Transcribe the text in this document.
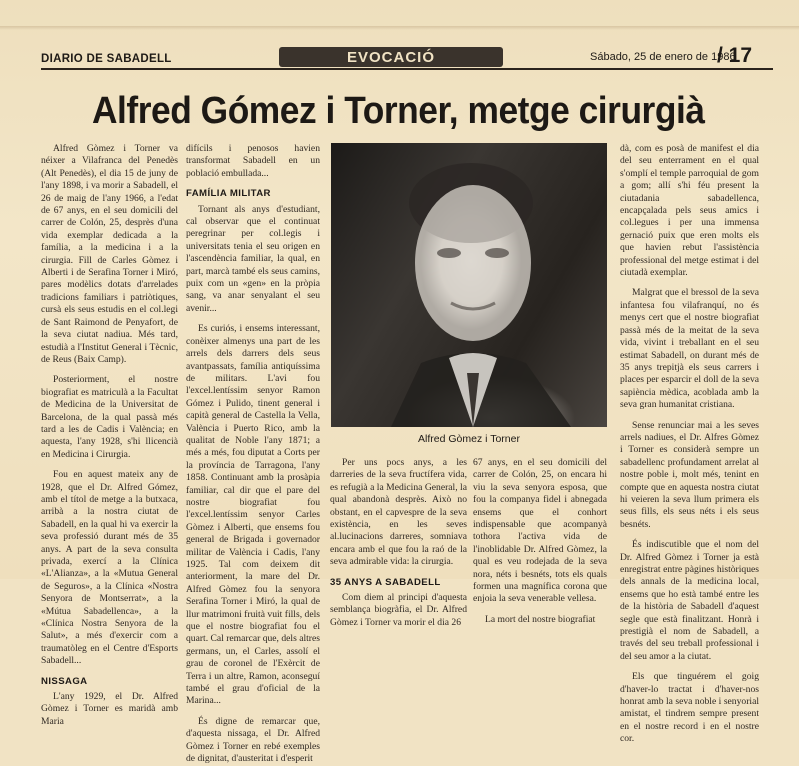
DIARIO DE SABADELL	EVOCACIÓ	Sábado, 25 de enero de 1986
/ 17
Alfred Gómez i Torner, metge cirurgià

Alfred Gòmez i Torner va néixer a Vilafranca del Penedès (Alt Penedès), el dia 15 de juny de l'any 1898, i va morir a Sabadell, el 26 de maig de l'any 1966, a l'edat de 67 anys, en el seu domicili del carrer de Colón, 25, desprès d'una vida exemplar dedicada a la família, a la medicina i a la cirurgia. Fill de Carles Gòmez i Alberti i de Serafina Torner i Miró, pares modèlics dotats d'arrelades tradicions familiars i patriòtiques, cursà els seus estudis en el col.legi de Sant Raimond de Penyafort, de la seva ciutat nadiua. Més tard, estudià a l'Institut General i Tècnic, de Reus (Baix Camp).

Posteriorment, el nostre biografiat es matriculà a la Facultat de Medicina de la Universitat de Barcelona, de la qual passà més tard a les de Cadis i València; en aquesta, l'any 1928, s'hi llicencià en Medicina i Cirurgia.

Fou en aquest mateix any de 1928, que el Dr. Alfred Gómez, amb el títol de metge a la butxaca, arribà a la nostra ciutat de Sabadell, en la qual hi va exercir la seva professió durant més de 35 anys. A part de la seva consulta privada, exercí a la Clínica «L'Alianza», a la «Mutua General de Seguros», a la Clínica «Nostra Senyora de Montserrat», a la «Mútua Sabadellenca», a la «Clínica Nostra Senyora de la Salut», a més d'exercir com a traumatòleg en el Centre d'Esports Sabadell...

NISSAGA

L'any 1929, el Dr. Alfred Gòmez i Torner es maridà amb Maria

difícils i penosos havien transformat Sabadell en un població embullada...

FAMÍLIA MILITAR

Tornant als anys d'estudiant, cal observar que el continuat peregrinar per col.legis i universitats tenia el seu origen en l'ascendència familiar, la qual, en part, marcà també els seus camins, puix com un «gen» en la pròpia sang, va anar senyalant el seu avenir...

Es curiós, i ensems interessant, conèixer almenys una part de les arrels dels darrers dels seus avantpassats, família antiquíssima de militars. L'avi fou l'excel.lentíssim senyor Ramon Gómez i Pulido, tinent general i capità general de Castella la Vella, València i Puerto Rico, amb la qualitat de Noble l'any 1871; a més a més, fou diputat a Corts per la província de Tarragona, l'any 1858. Continuant amb la prosàpia familiar, cal dir que el pare del nostre biografiat fou l'excel.lentíssim senyor Carles Gòmez i Alberti, que ensems fou general de Brigada i governador militar de València i Cadis, l'any 1925. Tal com deixem dit anteriorment, la mare del Dr. Alfred Gòmez fou la senyora Serafina Torner i Miró, la qual de llur matrimoni fruità vuit fills, dels que el nostre biografiat fou el quart. Cal remarcar que, dels altres germans, un, el Carles, assolí el grau de coronel de l'Exèrcit de Terra i un altre, Ramon, aconseguí també el grau d'oficial de la Marina...

És digne de remarcar que, d'aquesta nissaga, el Dr. Alfred Gòmez i Torner en rebé exemples de dignitat, d'austeritat i d'esperit

Alfred Gòmez i Torner

Per uns pocs anys, a les darreries de la seva fructífera vida, es refugià a la Medicina General, la qual abandonà desprès. Això no obstant, en el capvespre de la seva existència, en les seves al.lucinacions darreres, somniava encara amb el que fou la raó de la seva admirable vida: la cirurgia.

35 ANYS A SABADELL

Com diem al principi d'aquesta semblança biogràfia, el Dr. Alfred Gòmez i Torner va morir el dia 26

67 anys, en el seu domicili del carrer de Colón, 25, on encara hi viu la seva senyora esposa, que fou la companya fidel i abnegada ensems que el conhort indispensable que acompanyà tothora l'activa vida de l'inoblidable Dr. Alfred Gòmez, la qual es veu rodejada de la seva nora, néts i besnéts, tots els quals formen una magnífica corona que enjoia la seva venerable vellesa.

La mort del nostre biografiat

dà, com es posà de manifest el dia del seu enterrament en el qual s'omplí el temple parroquial de gom a gom; allí s'hi féu present la ciutadania sabadellenca, encapçalada pels seus amics i col.legues i per una immensa gernació puix que eren molts els que havien rebut l'assistència professional del metge estimat i del ciutadà exemplar.

Malgrat que el bressol de la seva infantesa fou vilafranquí, no és menys cert que el nostre biografiat passà més de la meitat de la seva vida, vivint i treballant en el seu estimat Sabadell, on durant més de 35 anys trepitjà els seus carrers i places per esparcir el doll de la seva sapiència mèdica, acoblada amb la seva gran humanitat cristiana.

Sense renunciar mai a les seves arrels nadiues, el Dr. Alfres Gòmez i Torner es considerà sempre un sabadellenc profundament arrelat al nostre poble i, molt més, tenint en compte que en aquesta nostra ciutat hi veieren la seva llum primera els seus fills, els seus néts i els seus besnéts.

És indiscutible que el nom del Dr. Alfred Gòmez i Torner ja està enregistrat entre pàgines històriques dels annals de la medicina local, ensems que ho està també entre les de la història de Sabadell d'aquest segle que està finalitzant. Honrà i prestigià el nom de Sabadell, a través del seu treball professional i del seu amor a la ciutat.

Els que tinguérem el goig d'haver-lo tractat i d'haver-nos honrat amb la seva noble i senyorial amistat, el tindrem sempre present en el nostre record i en el nostre cor.
